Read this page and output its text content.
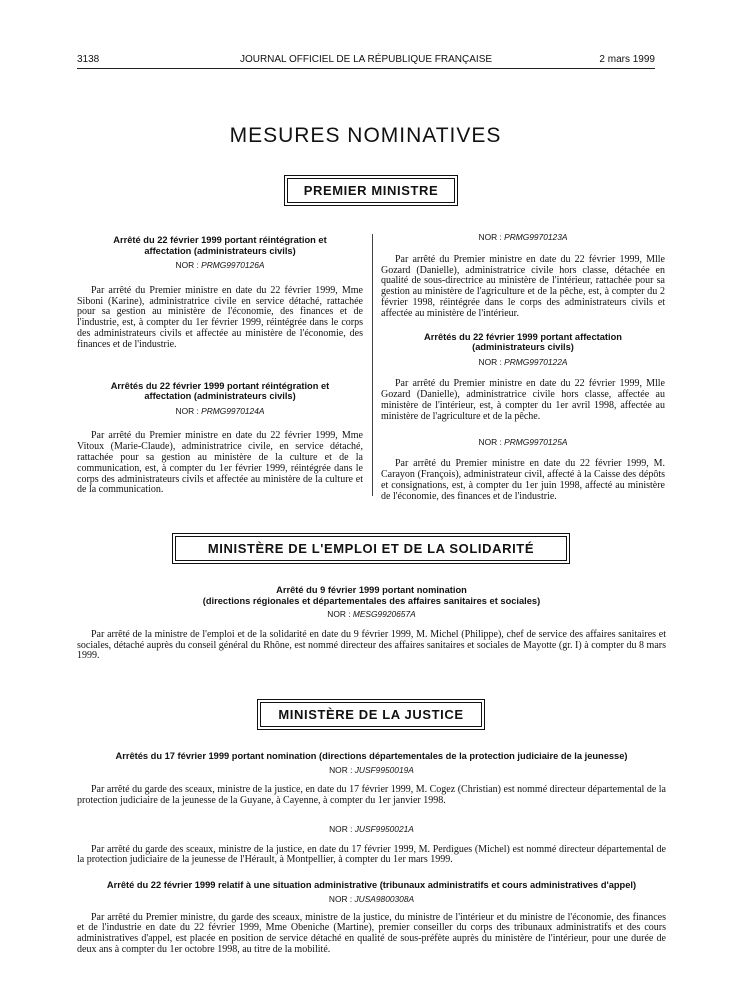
3138	JOURNAL OFFICIEL DE LA RÉPUBLIQUE FRANÇAISE	2 mars 1999
MESURES NOMINATIVES
PREMIER MINISTRE

Arrêté du 22 février 1999 portant réintégration et affectation (administrateurs civils)

NOR : PRMG9970126A

Par arrêté du Premier ministre en date du 22 février 1999, Mme Siboni (Karine), administratrice civile en service détaché, rattachée pour sa gestion au ministère de l'économie, des finances et de l'industrie, est, à compter du 1er février 1999, réintégrée dans le corps des administrateurs civils et affectée au ministère de l'économie, des finances et de l'industrie.

Arrêtés du 22 février 1999 portant réintégration et affectation (administrateurs civils)

NOR : PRMG9970124A

Par arrêté du Premier ministre en date du 22 février 1999, Mme Vitoux (Marie-Claude), administratrice civile, en service détaché, rattachée pour sa gestion au ministère de la culture et de la communication, est, à compter du 1er février 1999, réintégrée dans le corps des administrateurs civils et affectée au ministère de la culture et de la communication.

NOR : PRMG9970123A

Par arrêté du Premier ministre en date du 22 février 1999, Mlle Gozard (Danielle), administratrice civile hors classe, détachée en qualité de sous-directrice au ministère de l'intérieur, rattachée pour sa gestion au ministère de l'agriculture et de la pêche, est, à compter du 2 février 1998, réintégrée dans le corps des administrateurs civils et affectée au ministère de l'intérieur.

Arrêtés du 22 février 1999 portant affectation (administrateurs civils)

NOR : PRMG9970122A

Par arrêté du Premier ministre en date du 22 février 1999, Mlle Gozard (Danielle), administratrice civile hors classe, affectée au ministère de l'intérieur, est, à compter du 1er avril 1998, affectée au ministère de l'agriculture et de la pêche.

NOR : PRMG9970125A

Par arrêté du Premier ministre en date du 22 février 1999, M. Carayon (François), administrateur civil, affecté à la Caisse des dépôts et consignations, est, à compter du 1er juin 1998, affecté au ministère de l'économie, des finances et de l'industrie.

MINISTÈRE DE L'EMPLOI ET DE LA SOLIDARITÉ

Arrêté du 9 février 1999 portant nomination

(directions régionales et départementales des affaires sanitaires et sociales)

NOR : MESG9920657A

Par arrêté de la ministre de l'emploi et de la solidarité en date du 9 février 1999, M. Michel (Philippe), chef de service des affaires sanitaires et sociales, détaché auprès du conseil général du Rhône, est nommé directeur des affaires sanitaires et sociales de Mayotte (gr. I) à compter du 8 mars 1999.

MINISTÈRE DE LA JUSTICE

Arrêtés du 17 février 1999 portant nomination (directions départementales de la protection judiciaire de la jeunesse)

NOR : JUSF9950019A

Par arrêté du garde des sceaux, ministre de la justice, en date du 17 février 1999, M. Cogez (Christian) est nommé directeur départemental de la protection judiciaire de la jeunesse de la Guyane, à Cayenne, à compter du 1er janvier 1998.

NOR : JUSF9950021A

Par arrêté du garde des sceaux, ministre de la justice, en date du 17 février 1999, M. Perdigues (Michel) est nommé directeur départemental de la protection judiciaire de la jeunesse de l'Hérault, à Montpellier, à compter du 1er mars 1999.

Arrêté du 22 février 1999 relatif à une situation administrative (tribunaux administratifs et cours administratives d'appel)

NOR : JUSA9800308A

Par arrêté du Premier ministre, du garde des sceaux, ministre de la justice, du ministre de l'intérieur et du ministre de l'économie, des finances et de l'industrie en date du 22 février 1999, Mme Obeniche (Martine), premier conseiller du corps des tribunaux administratifs et des cours administratives d'appel, est placée en position de service détaché en qualité de sous-préfète auprès du ministère de l'intérieur, pour une durée de deux ans à compter du 1er octobre 1998, au titre de la mobilité.
